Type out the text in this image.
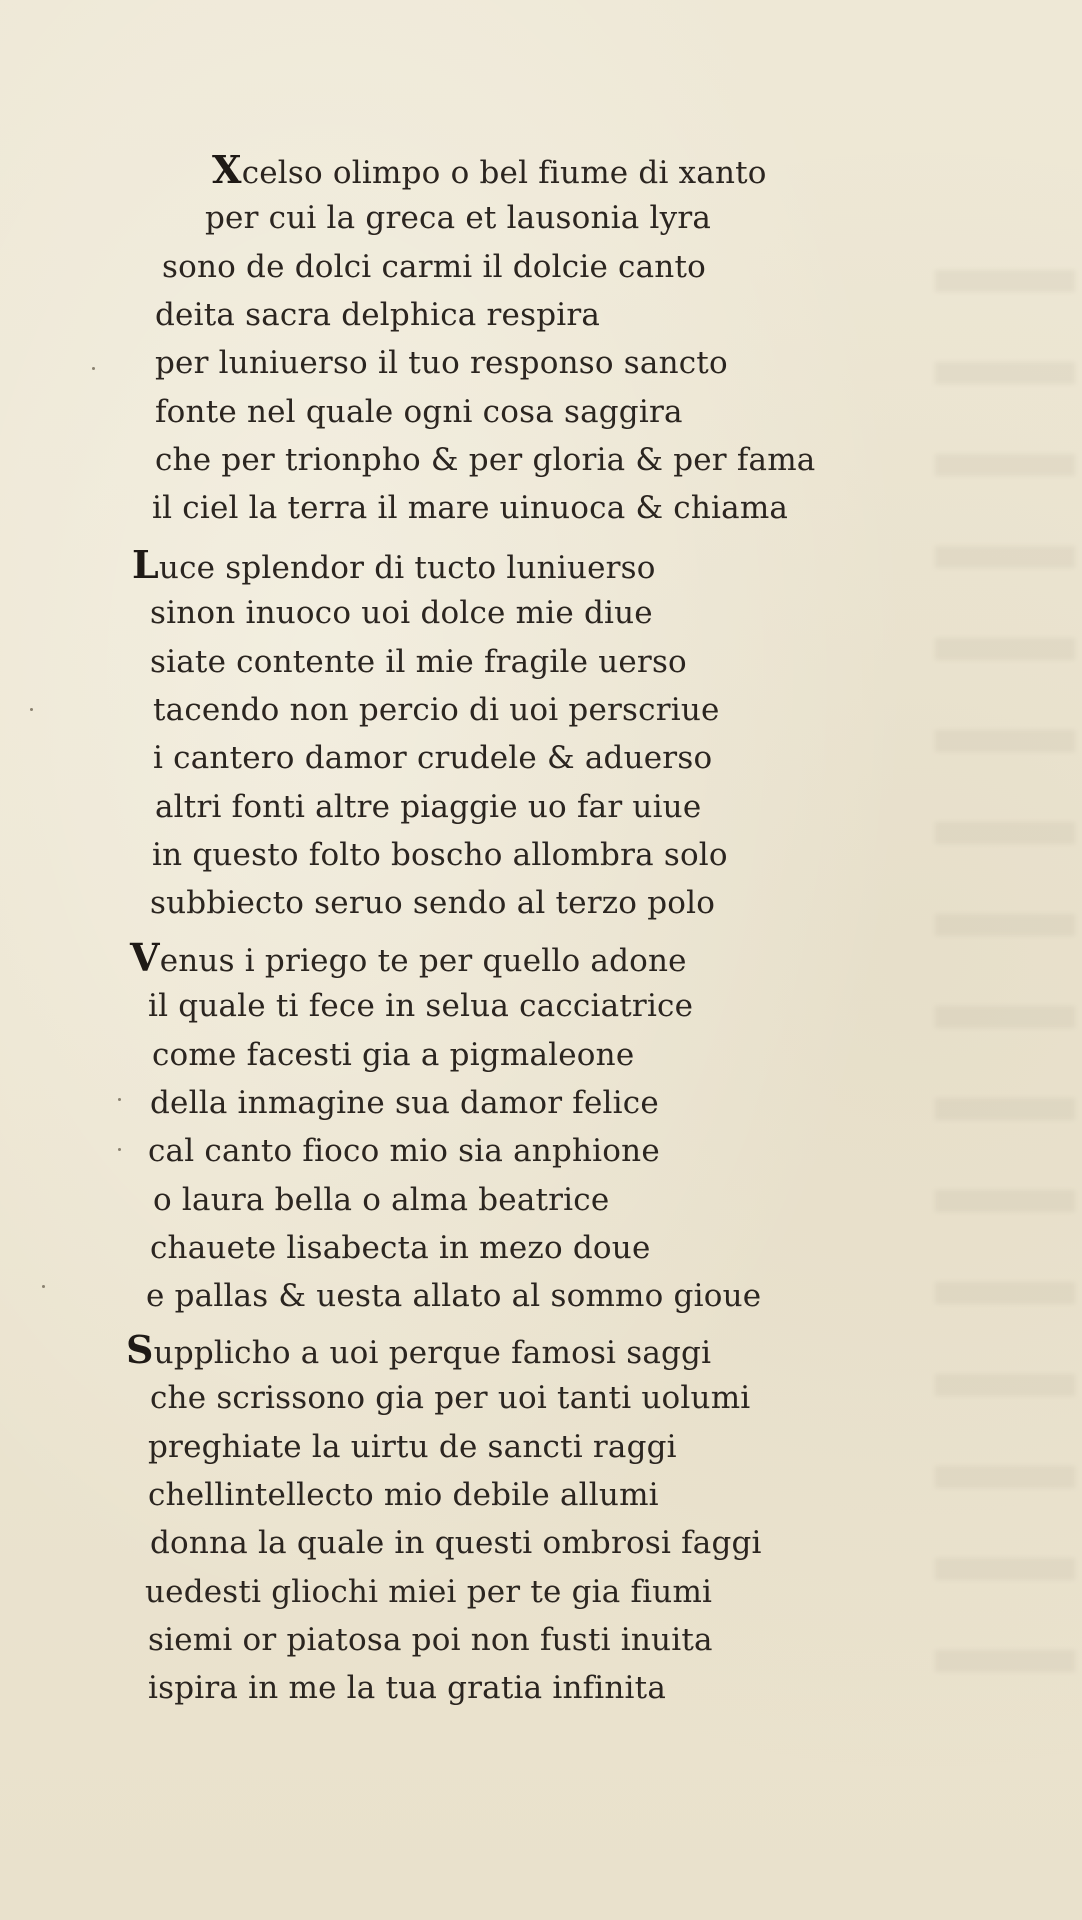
Xcelso olimpo o bel fiume di xanto
per cui la greca et lausonia lyra
sono de dolci carmi il dolcie canto
deita sacra delphica respira
per luniuerso il tuo responso sancto
fonte nel quale ogni cosa saggira
che per trionpho & per gloria & per fama
il ciel la terra il mare uinuoca & chiama
Luce splendor di tucto luniuerso
sinon inuoco uoi dolce mie diue
siate contente il mie fragile uerso
tacendo non percio di uoi perscriue
i cantero damor crudele & aduerso
altri fonti altre piaggie uo far uiue
in questo folto boscho allombra solo
subbiecto seruo sendo al terzo polo
Venus i priego te per quello adone
il quale ti fece in selua cacciatrice
come facesti gia a pigmaleone
della inmagine sua damor felice
cal canto fioco mio sia anphione
o laura bella o alma beatrice
chauete lisabecta in mezo doue
e pallas & uesta allato al sommo gioue
Supplicho a uoi perque famosi saggi
che scrissono gia per uoi tanti uolumi
preghiate la uirtu de sancti raggi
chellintellecto mio debile allumi
donna la quale in questi ombrosi faggi
uedesti gliochi miei per te gia fiumi
siemi or piatosa poi non fusti inuita
ispira in me la tua gratia infinita
